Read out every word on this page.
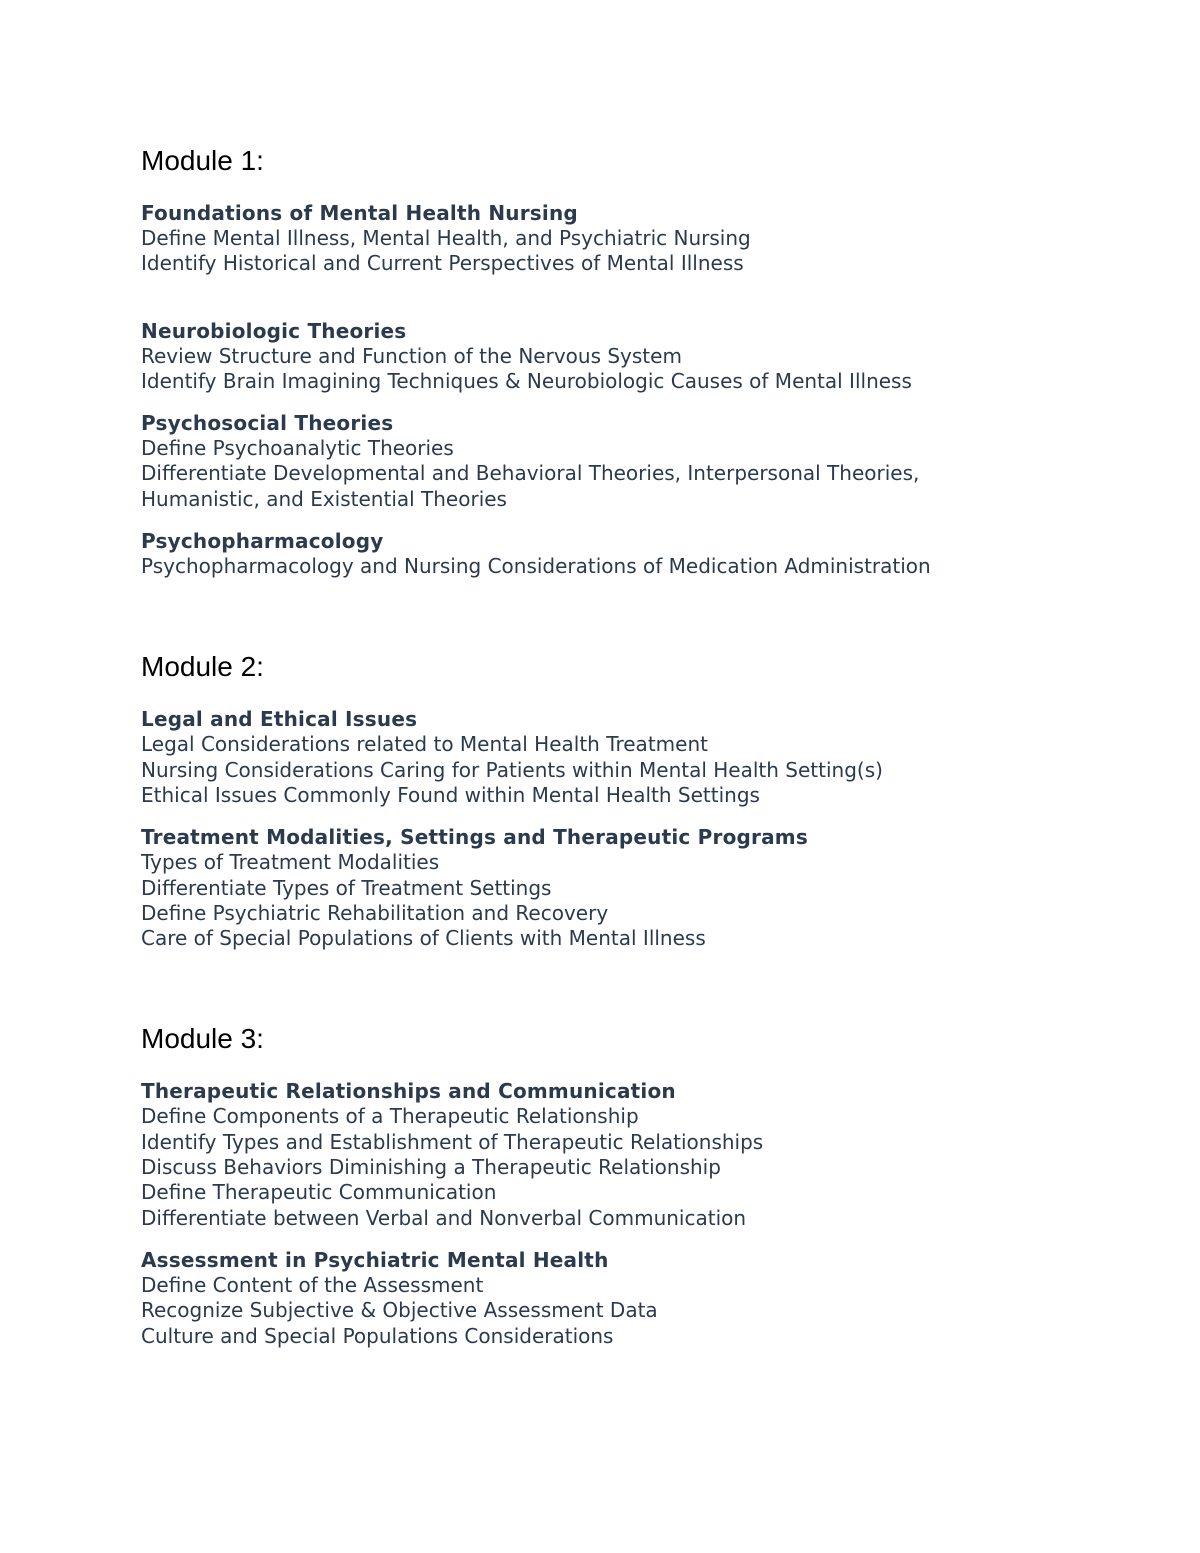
Module 1:
Foundations of Mental Health Nursing
Define Mental Illness, Mental Health, and Psychiatric Nursing
Identify Historical and Current Perspectives of Mental Illness
Neurobiologic Theories
Review Structure and Function of the Nervous System
Identify Brain Imagining Techniques & Neurobiologic Causes of Mental Illness
Psychosocial Theories
Define Psychoanalytic Theories
Differentiate Developmental and Behavioral Theories, Interpersonal Theories,
Humanistic, and Existential Theories
Psychopharmacology
Psychopharmacology and Nursing Considerations of Medication Administration
Module 2:
Legal and Ethical Issues
Legal Considerations related to Mental Health Treatment
Nursing Considerations Caring for Patients within Mental Health Setting(s)
Ethical Issues Commonly Found within Mental Health Settings
Treatment Modalities, Settings and Therapeutic Programs
Types of Treatment Modalities
Differentiate Types of Treatment Settings
Define Psychiatric Rehabilitation and Recovery
Care of Special Populations of Clients with Mental Illness
Module 3:
Therapeutic Relationships and Communication
Define Components of a Therapeutic Relationship
Identify Types and Establishment of Therapeutic Relationships
Discuss Behaviors Diminishing a Therapeutic Relationship
Define Therapeutic Communication
Differentiate between Verbal and Nonverbal Communication
Assessment in Psychiatric Mental Health
Define Content of the Assessment
Recognize Subjective & Objective Assessment Data
Culture and Special Populations Considerations
